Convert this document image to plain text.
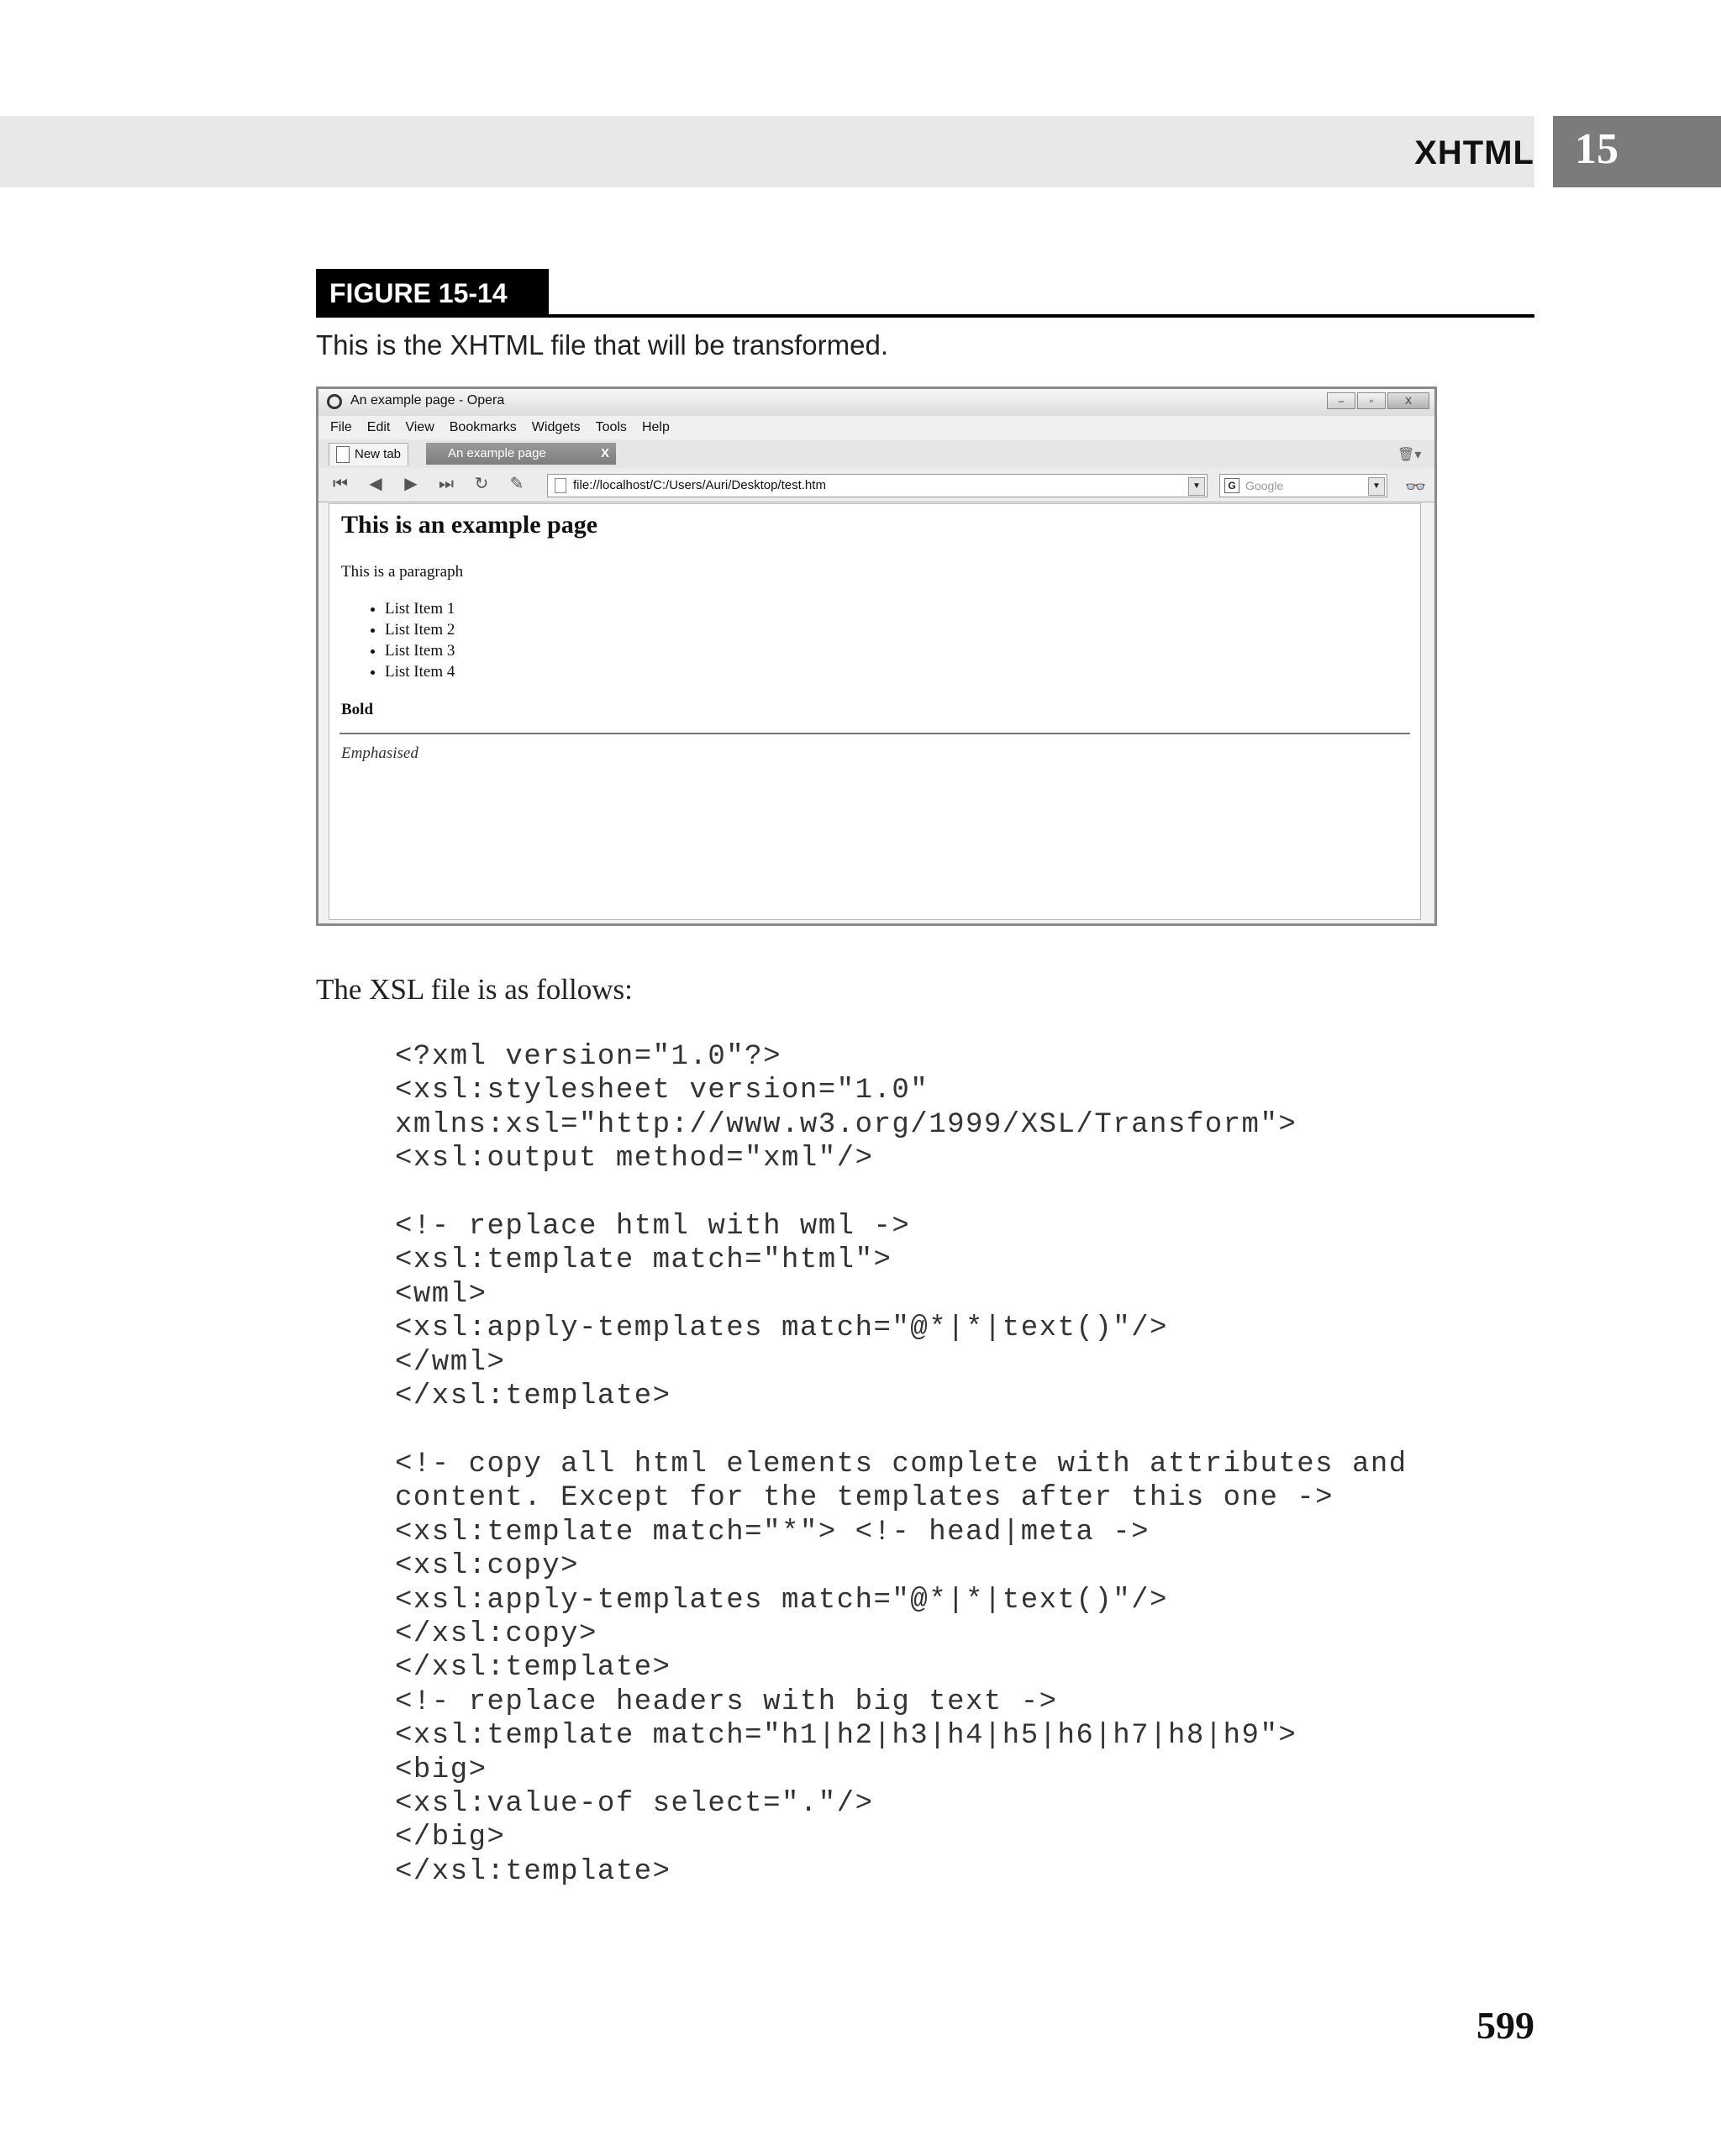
XHTML 15
FIGURE 15-14
This is the XHTML file that will be transformed.
An example page - Opera	–	▫	X
File Edit View Bookmarks Widgets Tools Help
New tab	An example page	X	🗑▾
⏮ ◀ ▶ ⏭ ↻ ✎	file://localhost/C:/Users/Auri/Desktop/test.htm	▼	G Google	▼ 👓
This is an example page
This is a paragraph
• List Item 1
• List Item 2
• List Item 3
• List Item 4
Bold
Emphasised
The XSL file is as follows:
<?xml version="1.0"?>
<xsl:stylesheet version="1.0"
xmlns:xsl="http://www.w3.org/1999/XSL/Transform">
<xsl:output method="xml"/>

<!- replace html with wml ->
<xsl:template match="html">
<wml>
<xsl:apply-templates match="@*|*|text()"/>
</wml>
</xsl:template>

<!- copy all html elements complete with attributes and
content. Except for the templates after this one ->
<xsl:template match="*"> <!- head|meta ->
<xsl:copy>
<xsl:apply-templates match="@*|*|text()"/>
</xsl:copy>
</xsl:template>
<!- replace headers with big text ->
<xsl:template match="h1|h2|h3|h4|h5|h6|h7|h8|h9">
<big>
<xsl:value-of select="."/>
</big>
</xsl:template>
599
